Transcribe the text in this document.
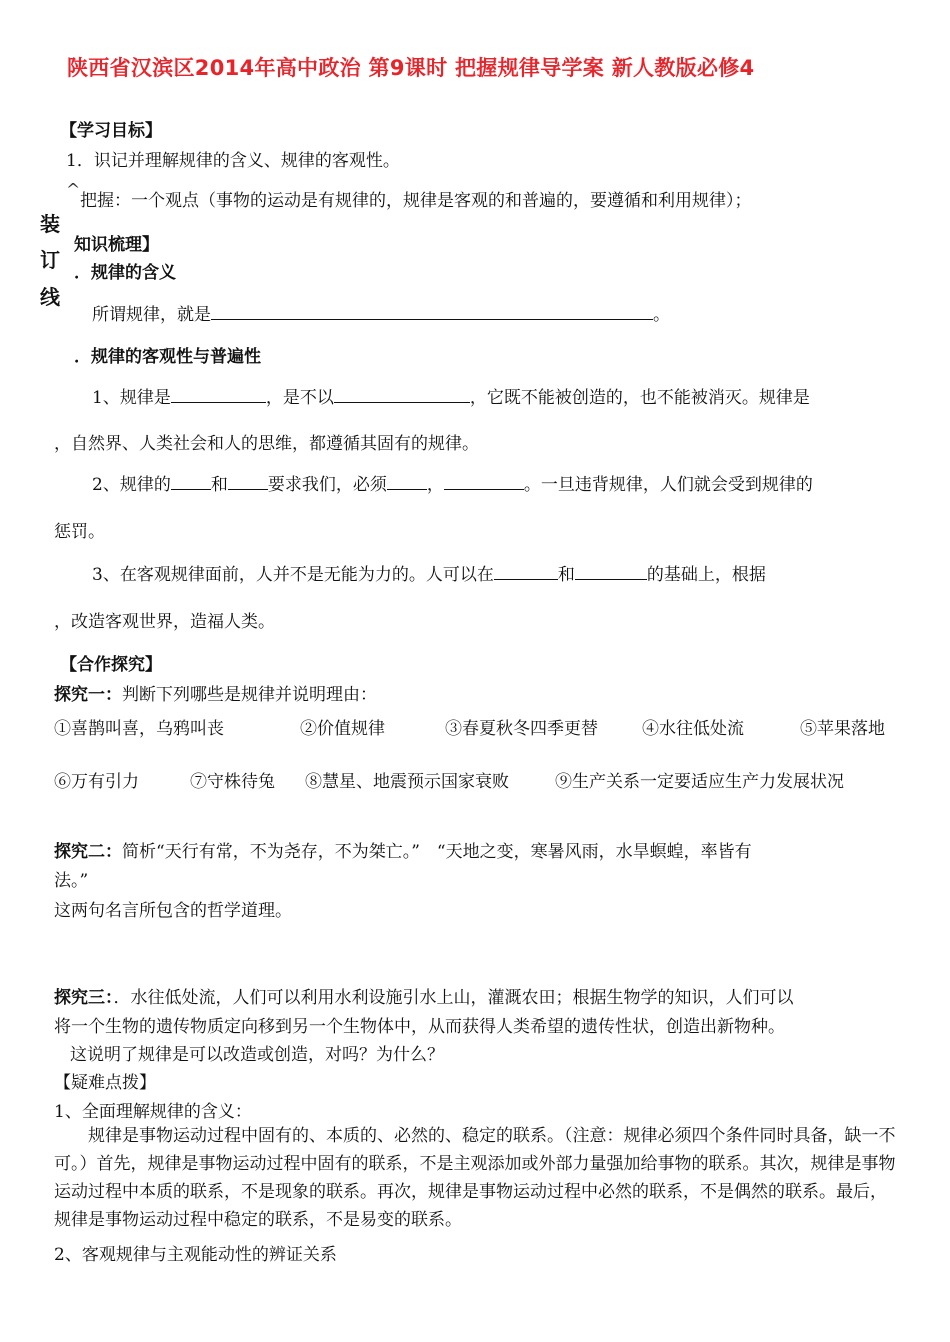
陕西省汉滨区2014年高中政治 第9课时 把握规律导学案 新人教版必修4
装
订
线
【学习目标】
1．识记并理解规律的含义、规律的客观性。
^
把握：一个观点（事物的运动是有规律的，规律是客观的和普遍的，要遵循和利用规律）；
知识梳理】
．规律的含义
所谓规律，就是	。
．规律的客观性与普遍性
1、规律是	，是不以	，它既不能被创造的，也不能被消灭。规律是
，自然界、人类社会和人的思维，都遵循其固有的规律。
2、规律的 和 要求我们，必须 ，	。一旦违背规律，人们就会受到规律的
惩罚。
3、在客观规律面前，人并不是无能为力的。人可以在	和	的基础上，根据
，改造客观世界，造福人类。
【合作探究】
探究一：判断下列哪些是规律并说明理由：
①喜鹊叫喜，乌鸦叫丧	②价值规律	③春夏秋冬四季更替	④水往低处流	⑤苹果落地
⑥万有引力	⑦守株待兔 ⑧慧星、地震预示国家衰败	⑨生产关系一定要适应生产力发展状况
探究二：简析“天行有常，不为尧存，不为桀亡。”　“天地之变，寒暑风雨，水旱螟蝗，率皆有
法。”
这两句名言所包含的哲学道理。
探究三：．水往低处流，人们可以利用水利设施引水上山，灌溉农田；根据生物学的知识，人们可以
将一个生物的遗传物质定向移到另一个生物体中，从而获得人类希望的遗传性状，创造出新物种。
这说明了规律是可以改造或创造，对吗？为什么？
【疑难点拨】
1、全面理解规律的含义：
规律是事物运动过程中固有的、本质的、必然的、稳定的联系。（注意：规律必须四个条件同时具备，缺一不可。）首先，规律是事物运动过程中固有的联系，不是主观添加或外部力量强加给事物的联系。其次，规律是事物运动过程中本质的联系，不是现象的联系。再次，规律是事物运动过程中必然的联系，不是偶然的联系。最后，规律是事物运动过程中稳定的联系，不是易变的联系。
2、客观规律与主观能动性的辨证关系
